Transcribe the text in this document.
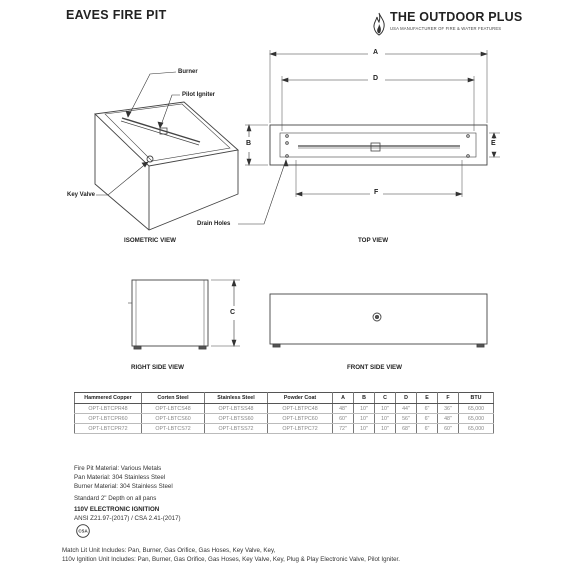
EAVES FIRE PIT	THE OUTDOOR PLUS
USA MANUFACTURER OF FIRE & WATER FEATURES
Burner
Pilot Igniter
Key Valve
Drain Holes
A
D
B	E
F
C
ISOMETRIC VIEW	TOP VIEW
RIGHT SIDE VIEW	FRONT SIDE VIEW
Hammered Copper	Corten Steel	Stainless Steel	Powder Coat	A	B	C	D	E	F	BTU
OPT-LBTCPR48	OPT-LBTCS48	OPT-LBTSS48	OPT-LBTPC48	48"	10"	10"	44"	6"	36"	65,000
OPT-LBTCPR60	OPT-LBTCS60	OPT-LBTSS60	OPT-LBTPC60	60"	10"	10"	56"	6"	48"	65,000
OPT-LBTCPR72	OPT-LBTCS72	OPT-LBTSS72	OPT-LBTPC72	72"	10"	10"	68"	6"	60"	65,000
Fire Pit Material: Various Metals
Pan Material: 304 Stainless Steel
Burner Material: 304 Stainless Steel
Standard 2" Depth on all pans
110V ELECTRONIC IGNITION
ANSI Z21.97-(2017) / CSA 2.41-(2017)
CSA
Match Lit Unit Includes: Pan, Burner, Gas Orifice, Gas Hoses, Key Valve, Key,
110v Ignition Unit Includes: Pan, Burner, Gas Orifice, Gas Hoses, Key Valve, Key, Plug & Play Electronic Valve, Pilot Igniter.
